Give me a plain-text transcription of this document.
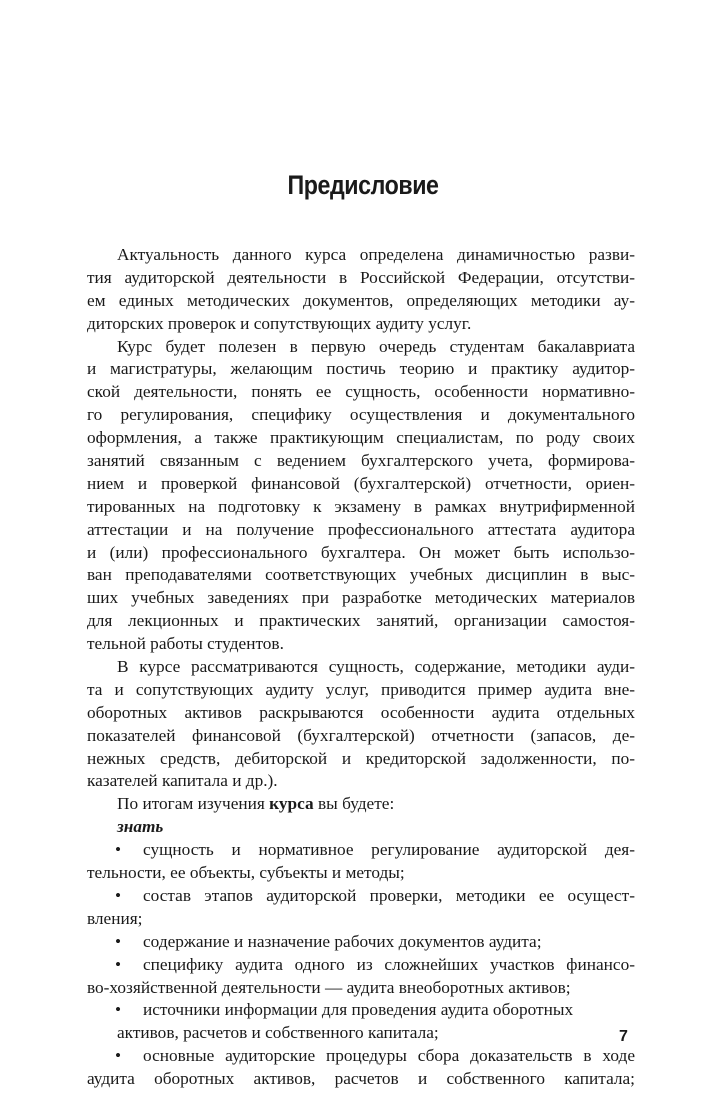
Предисловие
Актуальность данного курса определена динамичностью разви-
тия аудиторской деятельности в Российской Федерации, отсутстви-
ем единых методических документов, определяющих методики ау-
диторских проверок и сопутствующих аудиту услуг.
Курс будет полезен в первую очередь студентам бакалавриата
и магистратуры, желающим постичь теорию и практику аудитор-
ской деятельности, понять ее сущность, особенности нормативно-
го регулирования, специфику осуществления и документального
оформления, а также практикующим специалистам, по роду своих
занятий связанным с ведением бухгалтерского учета, формирова-
нием и проверкой финансовой (бухгалтерской) отчетности, ориен-
тированных на подготовку к экзамену в рамках внутрифирменной
аттестации и на получение профессионального аттестата аудитора
и (или) профессионального бухгалтера. Он может быть использо-
ван преподавателями соответствующих учебных дисциплин в выс-
ших учебных заведениях при разработке методических материалов
для лекционных и практических занятий, организации самостоя-
тельной работы студентов.
В курсе рассматриваются сущность, содержание, методики ауди-
та и сопутствующих аудиту услуг, приводится пример аудита вне-
оборотных активов раскрываются особенности аудита отдельных
показателей финансовой (бухгалтерской) отчетности (запасов, де-
нежных средств, дебиторской и кредиторской задолженности, по-
казателей капитала и др.).
По итогам изучения курса вы будете:
знать
• сущность и нормативное регулирование аудиторской дея-
тельности, ее объекты, субъекты и методы;
• состав этапов аудиторской проверки, методики ее осущест-
вления;
• содержание и назначение рабочих документов аудита;
• специфику аудита одного из сложнейших участков финансо-
во-хозяйственной деятельности — аудита внеоборотных активов;
• источники информации для проведения аудита оборотных
активов, расчетов и собственного капитала;
• основные аудиторские процедуры сбора доказательств в ходе
аудита оборотных активов, расчетов и собственного капитала;
7
